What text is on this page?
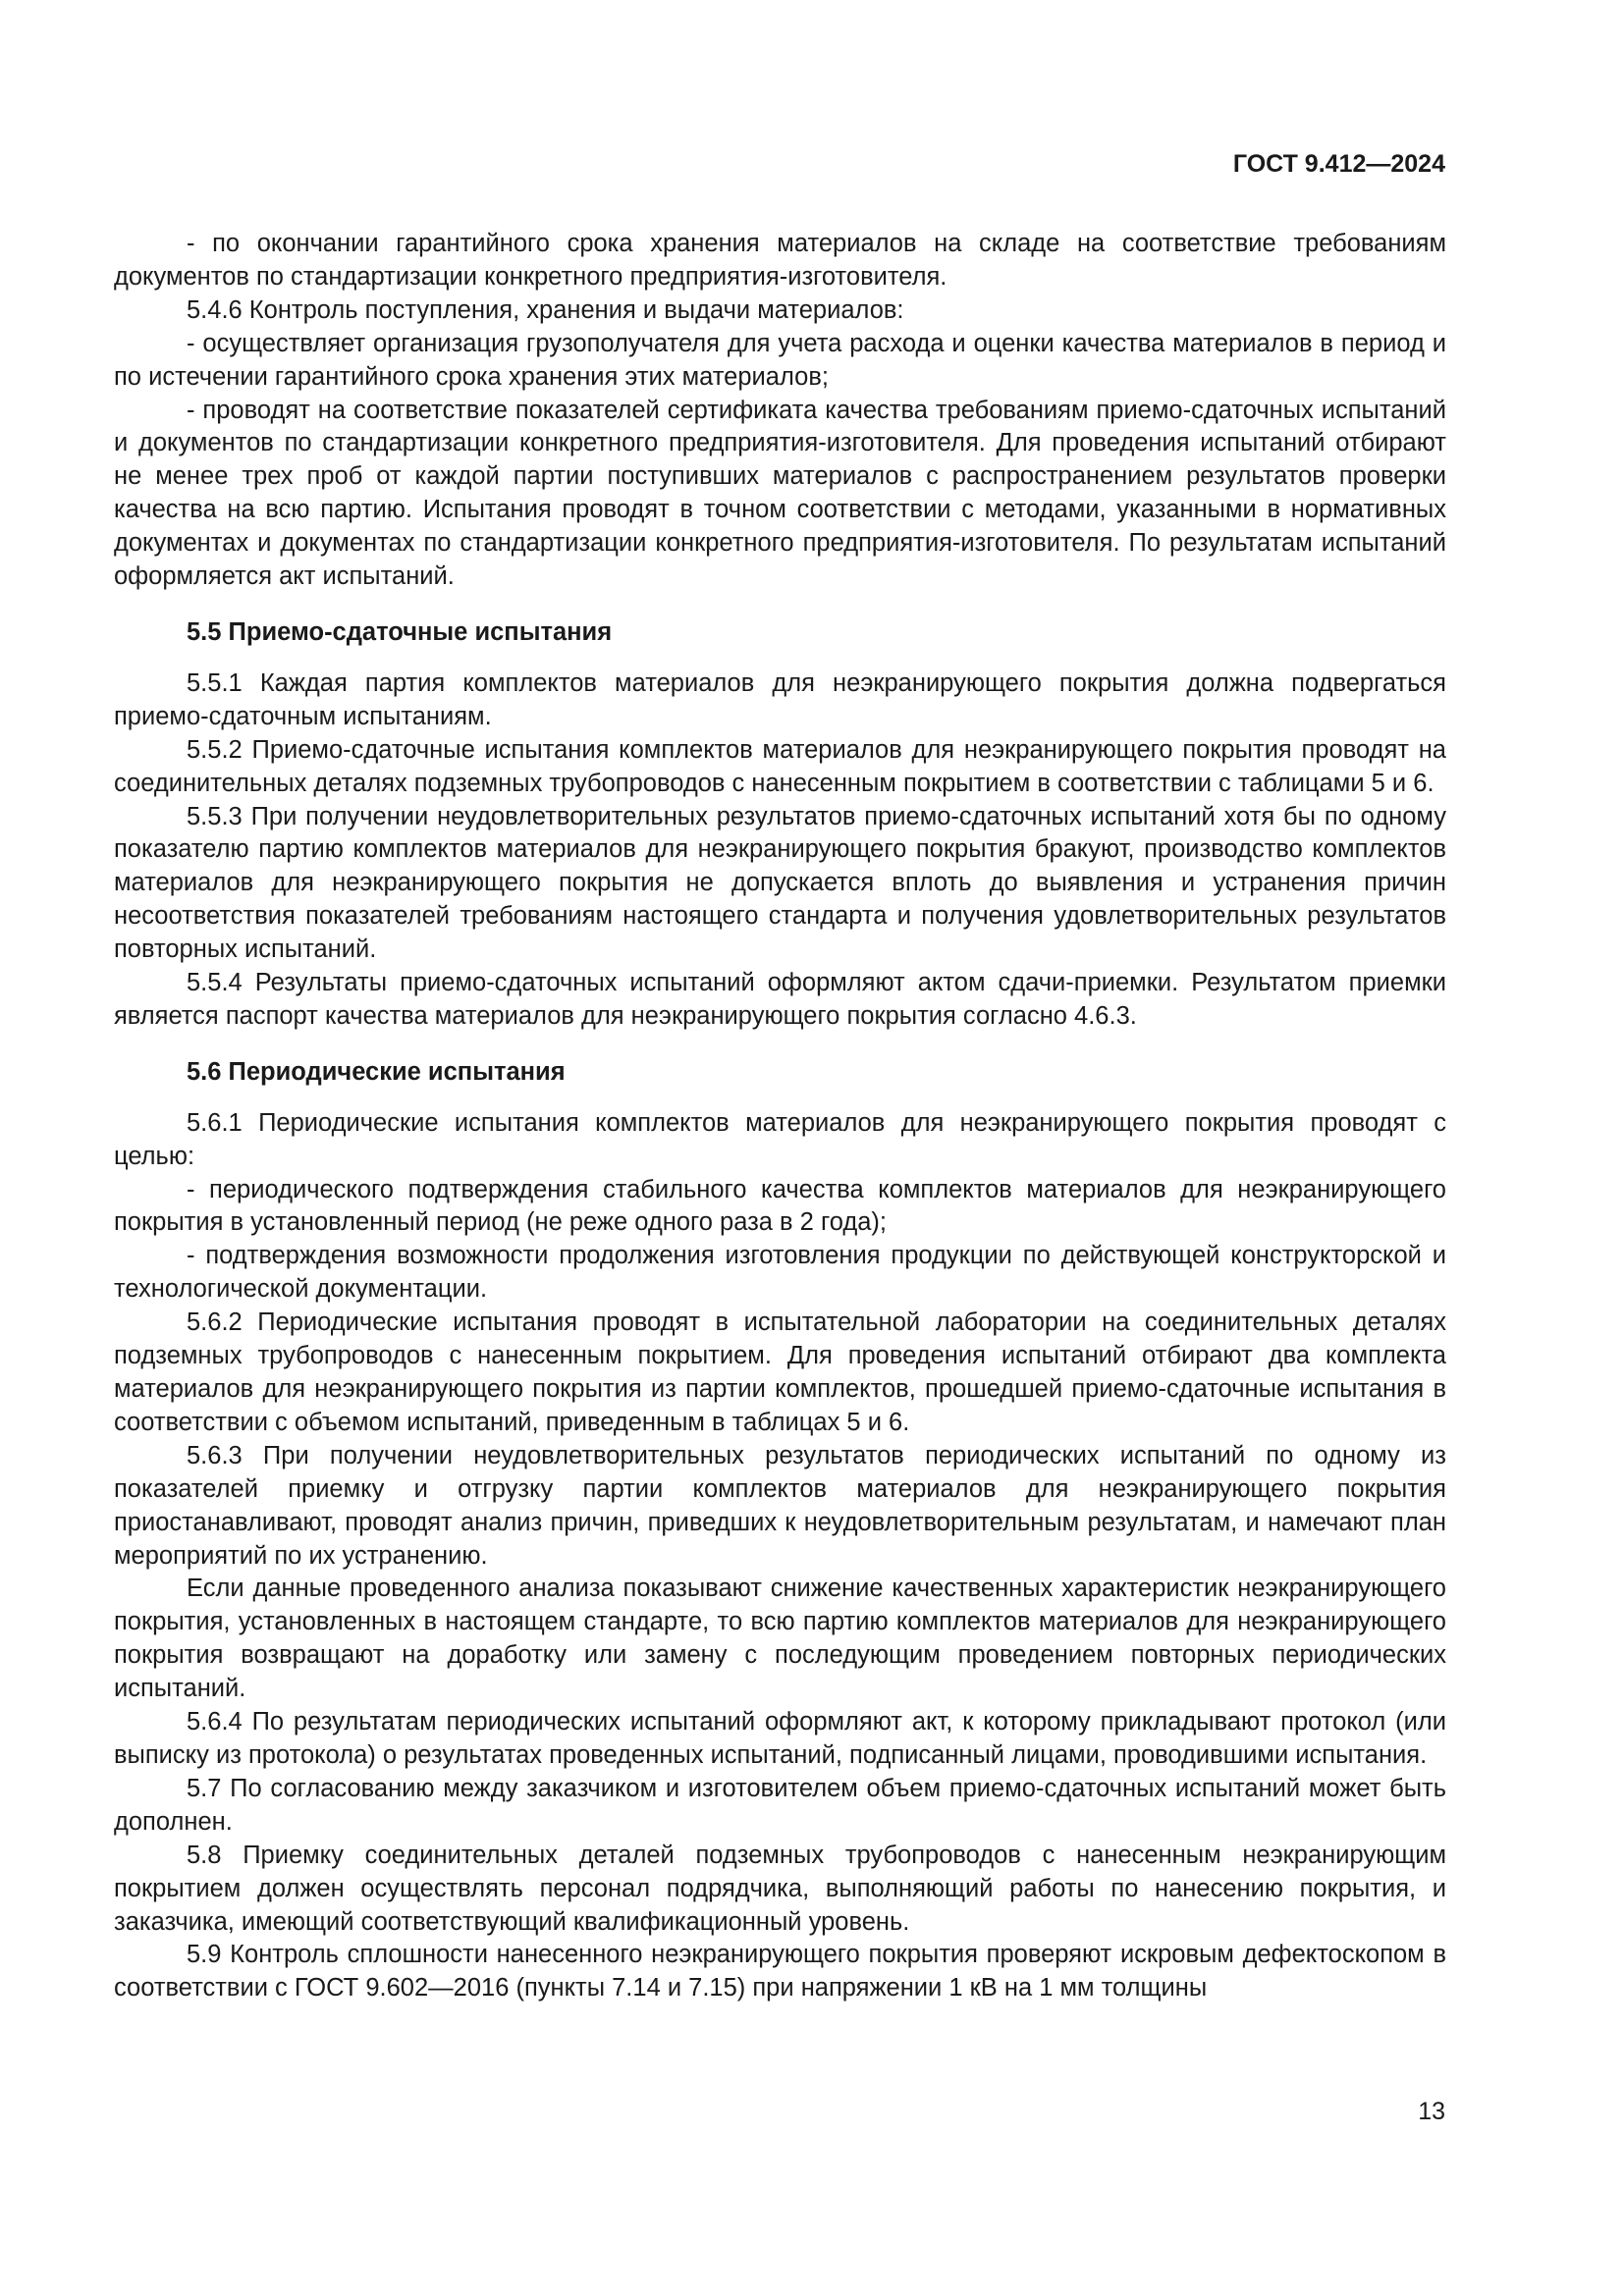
ГОСТ 9.412—2024

- по окончании гарантийного срока хранения материалов на складе на соответствие требованиям документов по стандартизации конкретного предприятия-изготовителя.

5.4.6 Контроль поступления, хранения и выдачи материалов:

- осуществляет организация грузополучателя для учета расхода и оценки качества материалов в период и по истечении гарантийного срока хранения этих материалов;

- проводят на соответствие показателей сертификата качества требованиям приемо-сдаточных испытаний и документов по стандартизации конкретного предприятия-изготовителя. Для проведения испытаний отбирают не менее трех проб от каждой партии поступивших материалов с распространением результатов проверки качества на всю партию. Испытания проводят в точном соответствии с методами, указанными в нормативных документах и документах по стандартизации конкретного предприятия-изготовителя. По результатам испытаний оформляется акт испытаний.

5.5 Приемо-сдаточные испытания

5.5.1 Каждая партия комплектов материалов для неэкранирующего покрытия должна подвергаться приемо-сдаточным испытаниям.

5.5.2 Приемо-сдаточные испытания комплектов материалов для неэкранирующего покрытия проводят на соединительных деталях подземных трубопроводов с нанесенным покрытием в соответствии с таблицами 5 и 6.

5.5.3 При получении неудовлетворительных результатов приемо-сдаточных испытаний хотя бы по одному показателю партию комплектов материалов для неэкранирующего покрытия бракуют, производство комплектов материалов для неэкранирующего покрытия не допускается вплоть до выявления и устранения причин несоответствия показателей требованиям настоящего стандарта и получения удовлетворительных результатов повторных испытаний.

5.5.4 Результаты приемо-сдаточных испытаний оформляют актом сдачи-приемки. Результатом приемки является паспорт качества материалов для неэкранирующего покрытия согласно 4.6.3.

5.6 Периодические испытания

5.6.1 Периодические испытания комплектов материалов для неэкранирующего покрытия проводят с целью:

- периодического подтверждения стабильного качества комплектов материалов для неэкранирующего покрытия в установленный период (не реже одного раза в 2 года);

- подтверждения возможности продолжения изготовления продукции по действующей конструкторской и технологической документации.

5.6.2 Периодические испытания проводят в испытательной лаборатории на соединительных деталях подземных трубопроводов с нанесенным покрытием. Для проведения испытаний отбирают два комплекта материалов для неэкранирующего покрытия из партии комплектов, прошедшей приемо-сдаточные испытания в соответствии с объемом испытаний, приведенным в таблицах 5 и 6.

5.6.3 При получении неудовлетворительных результатов периодических испытаний по одному из показателей приемку и отгрузку партии комплектов материалов для неэкранирующего покрытия приостанавливают, проводят анализ причин, приведших к неудовлетворительным результатам, и намечают план мероприятий по их устранению.

Если данные проведенного анализа показывают снижение качественных характеристик неэкранирующего покрытия, установленных в настоящем стандарте, то всю партию комплектов материалов для неэкранирующего покрытия возвращают на доработку или замену с последующим проведением повторных периодических испытаний.

5.6.4 По результатам периодических испытаний оформляют акт, к которому прикладывают протокол (или выписку из протокола) о результатах проведенных испытаний, подписанный лицами, проводившими испытания.

5.7 По согласованию между заказчиком и изготовителем объем приемо-сдаточных испытаний может быть дополнен.

5.8 Приемку соединительных деталей подземных трубопроводов с нанесенным неэкранирующим покрытием должен осуществлять персонал подрядчика, выполняющий работы по нанесению покрытия, и заказчика, имеющий соответствующий квалификационный уровень.

5.9 Контроль сплошности нанесенного неэкранирующего покрытия проверяют искровым дефектоскопом в соответствии с ГОСТ 9.602—2016 (пункты 7.14 и 7.15) при напряжении 1 кВ на 1 мм толщины

13
